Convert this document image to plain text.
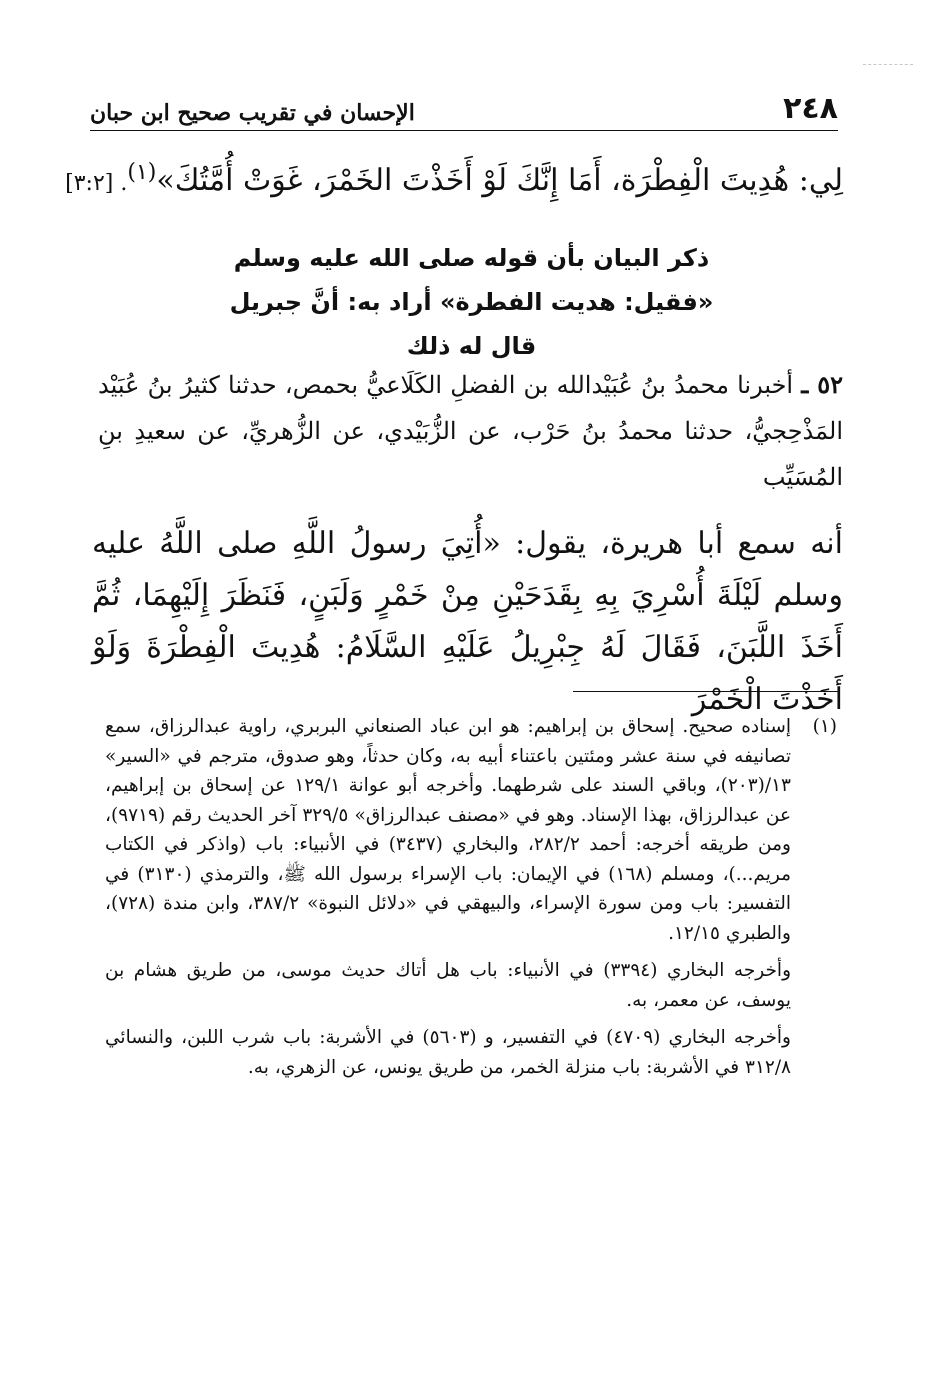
٢٤٨
الإحسان في تقريب صحيح ابن حبان
لِي: هُدِيتَ الْفِطْرَة، أَمَا إِنَّكَ لَوْ أَخَذْتَ الخَمْرَ، غَوَتْ أُمَّتُكَ»$^{(١)}$. [٣:٢]
ذكر البيان بأن قوله صلى الله عليه وسلم
«فقيل: هديت الفطرة» أراد به: أنَّ جبريل
قال له ذلك
٥٢ ـ أخبرنا محمدُ بنُ عُبَيْدالله بن الفضلِ الكَلَاعيُّ بحمص، حدثنا كثيرُ بنُ عُبَيْد المَذْحِجيُّ، حدثنا محمدُ بنُ حَرْب، عن الزُّبَيْدي، عن الزُّهريِّ، عن سعيدِ بنِ المُسَيِّب
أنه سمع أبا هريرة، يقول: «أُتِيَ رسولُ اللَّهِ صلى اللَّهُ عليه وسلم لَيْلَةَ أُسْرِيَ بِهِ بِقَدَحَيْنِ مِنْ خَمْرٍ وَلَبَنٍ، فَنَظَرَ إِلَيْهِمَا، ثُمَّ أَخَذَ اللَّبَنَ، فَقَالَ لَهُ جِبْرِيلُ عَلَيْهِ السَّلَامُ: هُدِيتَ الْفِطْرَةَ وَلَوْ أَخَذْتَ الْخَمْرَ

(١)
إسناده صحيح. إسحاق بن إبراهيم: هو ابن عباد الصنعاني البربري، راوية عبدالرزاق، سمع تصانيفه في سنة عشر ومئتين باعتناء أبيه به، وكان حدثاً، وهو صدوق، مترجم في «السير» ١٣/(٢٠٣)، وباقي السند على شرطهما. وأخرجه أبو عوانة ١٢٩/١ عن إسحاق بن إبراهيم، عن عبدالرزاق، بهذا الإسناد. وهو في «مصنف عبدالرزاق» ٣٢٩/٥ آخر الحديث رقم (٩٧١٩)، ومن طريقه أخرجه: أحمد ٢٨٢/٢، والبخاري (٣٤٣٧) في الأنبياء: باب (واذكر في الكتاب مريم...)، ومسلم (١٦٨) في الإيمان: باب الإسراء برسول الله ﷺ، والترمذي (٣١٣٠) في التفسير: باب ومن سورة الإسراء، والبيهقي في «دلائل النبوة» ٣٨٧/٢، وابن مندة (٧٢٨)، والطبري ١٢/١٥.

وأخرجه البخاري (٣٣٩٤) في الأنبياء: باب هل أتاك حديث موسى، من طريق هشام بن يوسف، عن معمر، به.

وأخرجه البخاري (٤٧٠٩) في التفسير، و (٥٦٠٣) في الأشربة: باب شرب اللبن، والنسائي ٣١٢/٨ في الأشربة: باب منزلة الخمر، من طريق يونس، عن الزهري، به.
